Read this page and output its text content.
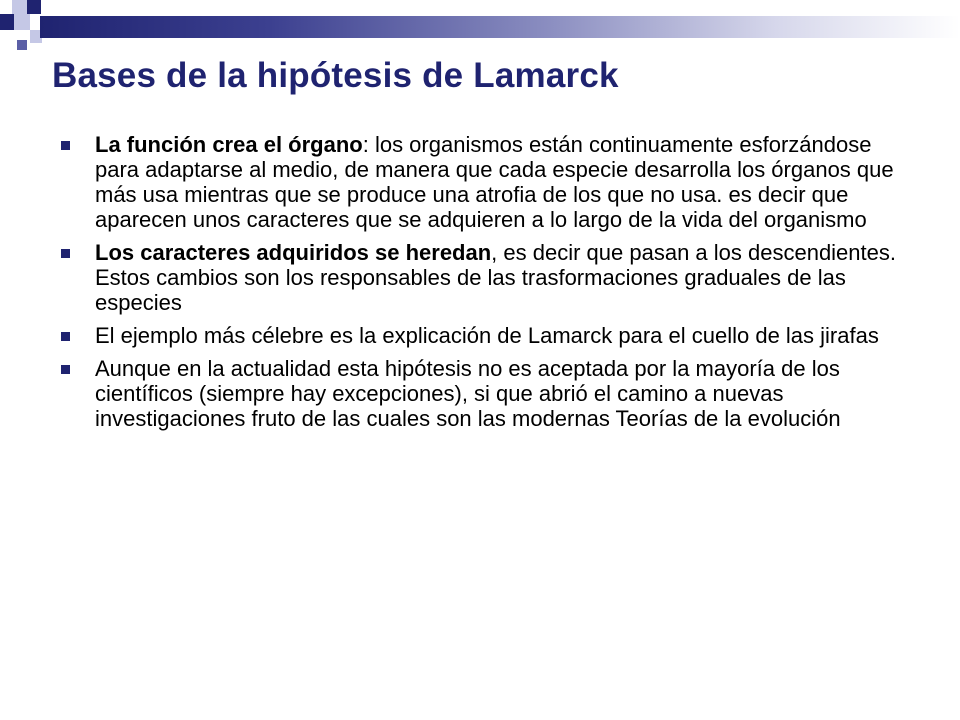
Bases de la hipótesis de Lamarck
La función crea el órgano: los organismos están continuamente esforzándose para adaptarse al medio, de manera que cada especie desarrolla los órganos que más usa mientras que se produce una atrofia de los que no usa. es decir que aparecen unos caracteres que se adquieren a lo largo de la vida del organismo
Los caracteres adquiridos se heredan, es decir que pasan a los descendientes. Estos cambios son los responsables de las trasformaciones graduales de las especies
El ejemplo más célebre es la explicación de Lamarck para el cuello de las jirafas
Aunque en la actualidad esta hipótesis no es aceptada por la mayoría de los científicos (siempre hay excepciones), si que abrió el camino a nuevas investigaciones fruto de las cuales son las modernas Teorías de la evolución
